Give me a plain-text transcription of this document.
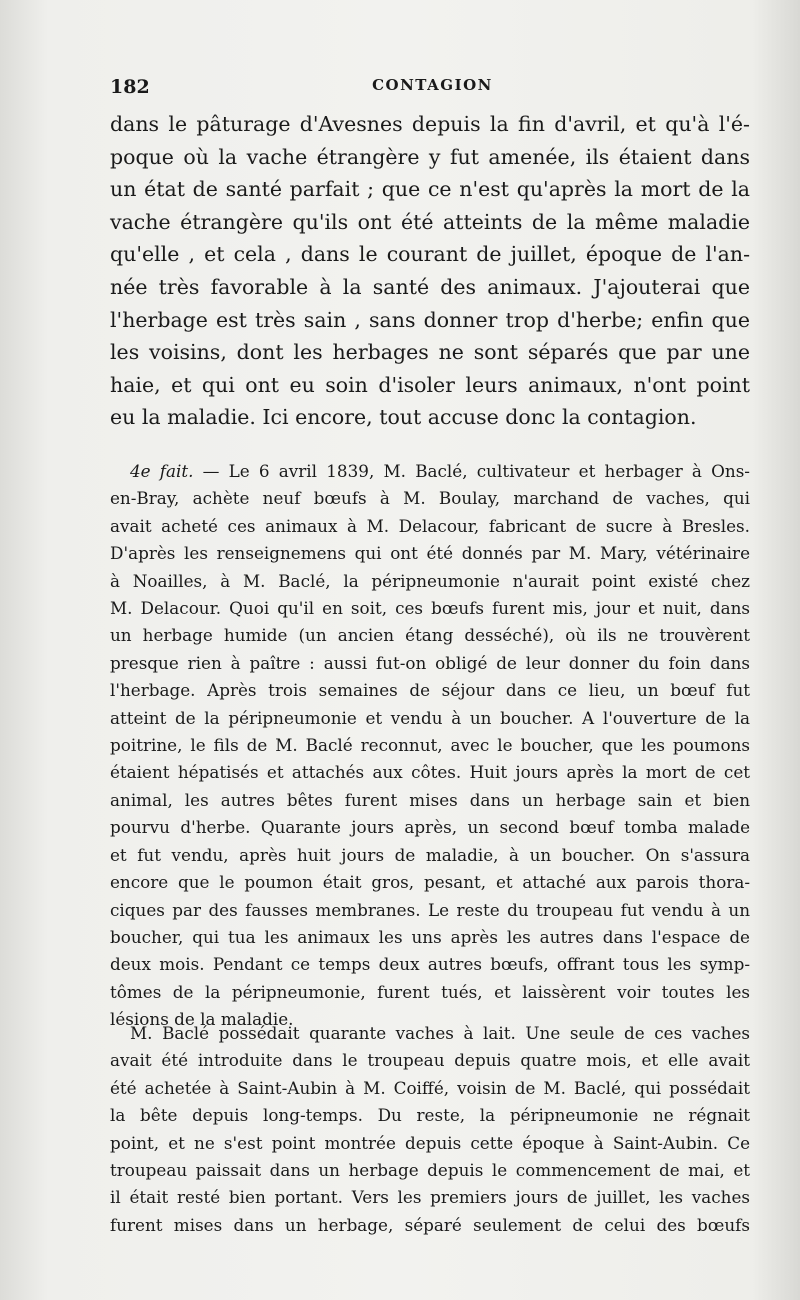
182	CONTAGION
dans le pâturage d'Avesnes depuis la fin d'avril, et qu'à l'é-
poque où la vache étrangère y fut amenée, ils étaient dans
un état de santé parfait ; que ce n'est qu'après la mort de la
vache étrangère qu'ils ont été atteints de la même maladie
qu'elle , et cela , dans le courant de juillet, époque de l'an-
née très favorable à la santé des animaux. J'ajouterai que
l'herbage est très sain , sans donner trop d'herbe; enfin que
les voisins, dont les herbages ne sont séparés que par une
haie, et qui ont eu soin d'isoler leurs animaux, n'ont point
eu la maladie. Ici encore, tout accuse donc la contagion.
4e fait. — Le 6 avril 1839, M. Baclé, cultivateur et herbager à Ons-
en-Bray, achète neuf bœufs à M. Boulay, marchand de vaches, qui
avait acheté ces animaux à M. Delacour, fabricant de sucre à Bresles.
D'après les renseignemens qui ont été donnés par M. Mary, vétérinaire
à Noailles, à M. Baclé, la péripneumonie n'aurait point existé chez
M. Delacour. Quoi qu'il en soit, ces bœufs furent mis, jour et nuit, dans
un herbage humide (un ancien étang desséché), où ils ne trouvèrent
presque rien à paître : aussi fut-on obligé de leur donner du foin dans
l'herbage. Après trois semaines de séjour dans ce lieu, un bœuf fut
atteint de la péripneumonie et vendu à un boucher. A l'ouverture de la
poitrine, le fils de M. Baclé reconnut, avec le boucher, que les poumons
étaient hépatisés et attachés aux côtes. Huit jours après la mort de cet
animal, les autres bêtes furent mises dans un herbage sain et bien
pourvu d'herbe. Quarante jours après, un second bœuf tomba malade
et fut vendu, après huit jours de maladie, à un boucher. On s'assura
encore que le poumon était gros, pesant, et attaché aux parois thora-
ciques par des fausses membranes. Le reste du troupeau fut vendu à un
boucher, qui tua les animaux les uns après les autres dans l'espace de
deux mois. Pendant ce temps deux autres bœufs, offrant tous les symp-
tômes de la péripneumonie, furent tués, et laissèrent voir toutes les
lésions de la maladie.
M. Baclé possédait quarante vaches à lait. Une seule de ces vaches
avait été introduite dans le troupeau depuis quatre mois, et elle avait
été achetée à Saint-Aubin à M. Coiffé, voisin de M. Baclé, qui possédait
la bête depuis long-temps. Du reste, la péripneumonie ne régnait
point, et ne s'est point montrée depuis cette époque à Saint-Aubin. Ce
troupeau paissait dans un herbage depuis le commencement de mai, et
il était resté bien portant. Vers les premiers jours de juillet, les vaches
furent mises dans un herbage, séparé seulement de celui des bœufs
